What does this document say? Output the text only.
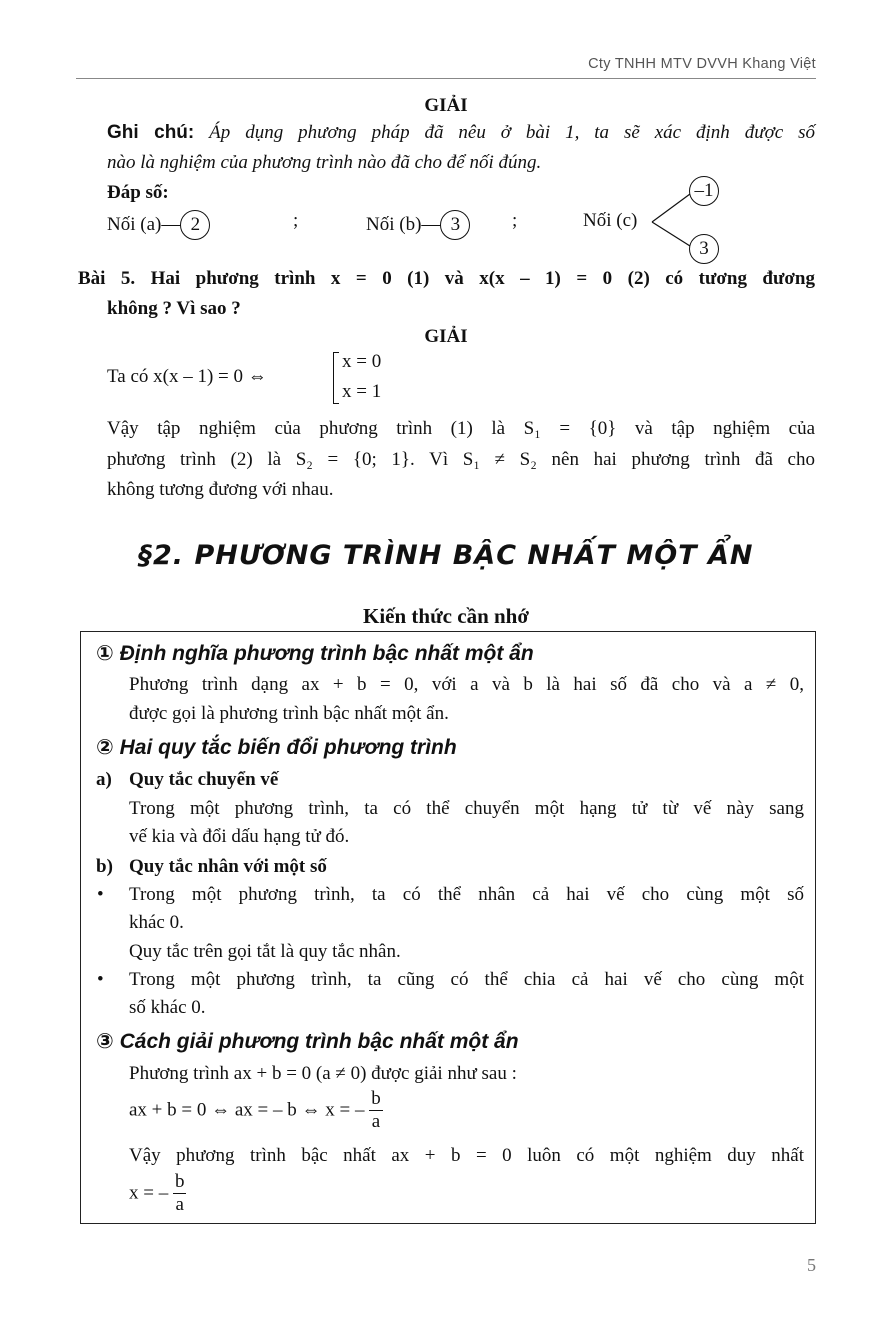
Cty TNHH MTV DVVH Khang Việt
GIẢI
Ghi chú: Áp dụng phương pháp đã nêu ở bài 1, ta sẽ xác định được số
nào là nghiệm của phương trình nào đã cho để nối đúng.
Đáp số:
Nối (a)— 2	;	Nối (b)— 3	;	Nối (c)
–1
3
Bài 5. Hai phương trình x = 0 (1) và x(x – 1) = 0 (2) có tương đương
không ? Vì sao ?
GIẢI
Ta có x(x – 1) = 0 ⇔
x = 0
x = 1
Vậy tập nghiệm của phương trình (1) là S₁ = {0} và tập nghiệm của
phương trình (2) là S₂ = {0; 1}. Vì S₁ ≠ S₂ nên hai phương trình đã cho
không tương đương với nhau.
§2. PHƯƠNG TRÌNH BẬC NHẤT MỘT ẨN
Kiến thức cần nhớ
① Định nghĩa phương trình bậc nhất một ẩn
Phương trình dạng ax + b = 0, với a và b là hai số đã cho và a ≠ 0,
được gọi là phương trình bậc nhất một ẩn.
② Hai quy tắc biến đổi phương trình
a) Quy tắc chuyển vế
Trong một phương trình, ta có thể chuyển một hạng tử từ vế này sang
vế kia và đổi dấu hạng tử đó.
b) Quy tắc nhân với một số
• Trong một phương trình, ta có thể nhân cả hai vế cho cùng một số
khác 0.
Quy tắc trên gọi tắt là quy tắc nhân.
• Trong một phương trình, ta cũng có thể chia cả hai vế cho cùng một
số khác 0.
③ Cách giải phương trình bậc nhất một ẩn
Phương trình ax + b = 0 (a ≠ 0) được giải như sau :
ax + b = 0 ⇔ ax = – b ⇔ x = – $\frac{b}{a}$
Vậy phương trình bậc nhất ax + b = 0 luôn có một nghiệm duy nhất
x = – $\frac{b}{a}$
5
